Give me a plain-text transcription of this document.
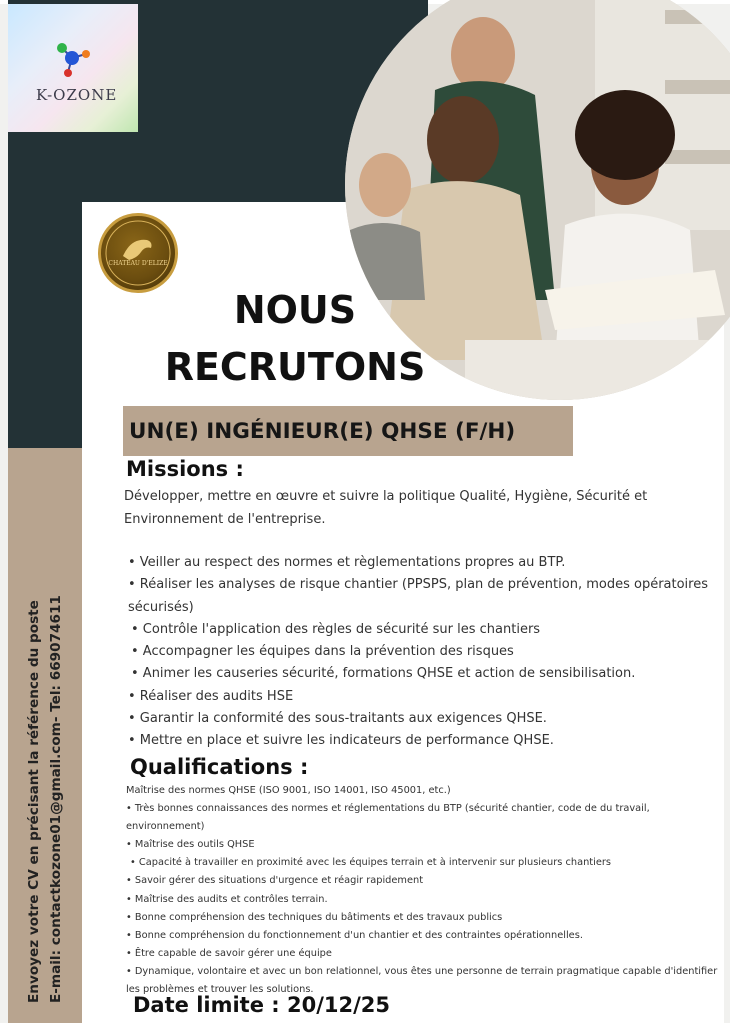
K-OZONE
CHATEAU D'ELIZE
NOUS
RECRUTONS
UN(E) INGÉNIEUR(E) QHSE (F/H)
Missions :
Développer, mettre en œuvre et suivre la politique Qualité, Hygiène, Sécurité et Environnement de l'entreprise.
• Veiller au respect des normes et règlementations propres au BTP.
• Réaliser les analyses de risque chantier (PPSPS, plan de prévention, modes opératoires sécurisés)
• Contrôle l'application des règles de sécurité sur les chantiers
• Accompagner les équipes dans la prévention des risques
• Animer les causeries sécurité, formations QHSE et action de sensibilisation.
• Réaliser des audits HSE
• Garantir la conformité des sous-traitants aux exigences QHSE.
• Mettre en place et suivre les indicateurs de performance QHSE.
Qualifications :
Maîtrise des normes QHSE (ISO 9001, ISO 14001, ISO 45001, etc.)
• Très bonnes connaissances des normes et réglementations du BTP (sécurité chantier, code de du travail, environnement)
• Maîtrise des outils QHSE
• Capacité à travailler en proximité avec les équipes terrain et à intervenir sur plusieurs chantiers
• Savoir gérer des situations d'urgence et réagir rapidement
• Maîtrise des audits et contrôles terrain.
• Bonne compréhension des techniques du bâtiments et des travaux publics
• Bonne compréhension du fonctionnement d'un chantier et des contraintes opérationnelles.
• Être capable de savoir gérer une équipe
• Dynamique, volontaire et avec un bon relationnel, vous êtes une personne de terrain pragmatique capable d'identifier les problèmes et trouver les solutions.
Date limite : 20/12/25
Envoyez votre CV en précisant la référence du poste E-mail: contactkozone01@gmail.com- Tel: 669074611
